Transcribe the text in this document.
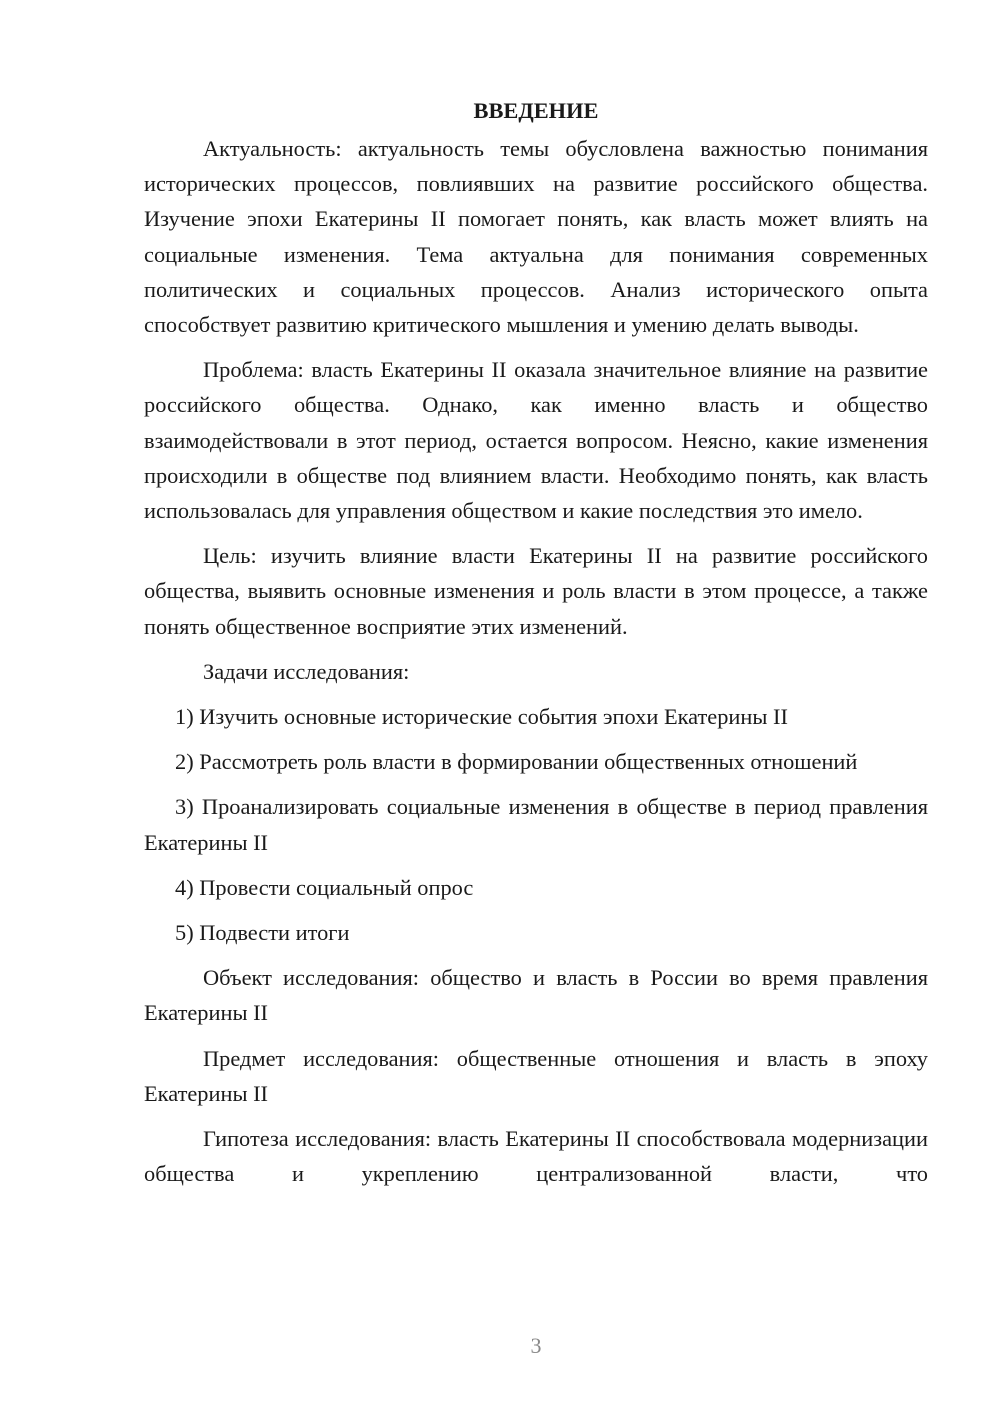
ВВЕДЕНИЕ

Актуальность: актуальность темы обусловлена важностью понимания исторических процессов, повлиявших на развитие российского общества. Изучение эпохи Екатерины II помогает понять, как власть может влиять на социальные изменения. Тема актуальна для понимания современных политических и социальных процессов. Анализ исторического опыта способствует развитию критического мышления и умению делать выводы.

Проблема: власть Екатерины II оказала значительное влияние на развитие российского общества. Однако, как именно власть и общество взаимодействовали в этот период, остается вопросом. Неясно, какие изменения происходили в обществе под влиянием власти. Необходимо понять, как власть использовалась для управления обществом и какие последствия это имело.

Цель: изучить влияние власти Екатерины II на развитие российского общества, выявить основные изменения и роль власти в этом процессе, а также понять общественное восприятие этих изменений.

Задачи исследования:

1) Изучить основные исторические события эпохи Екатерины II

2) Рассмотреть роль власти в формировании общественных отношений

3) Проанализировать социальные изменения в обществе в период правления Екатерины II

4) Провести социальный опрос

5) Подвести итоги

Объект исследования: общество и власть в России во время правления Екатерины II

Предмет исследования: общественные отношения и власть в эпоху Екатерины II

Гипотеза исследования: власть Екатерины II способствовала модернизации общества и укреплению централизованной власти, что

3
